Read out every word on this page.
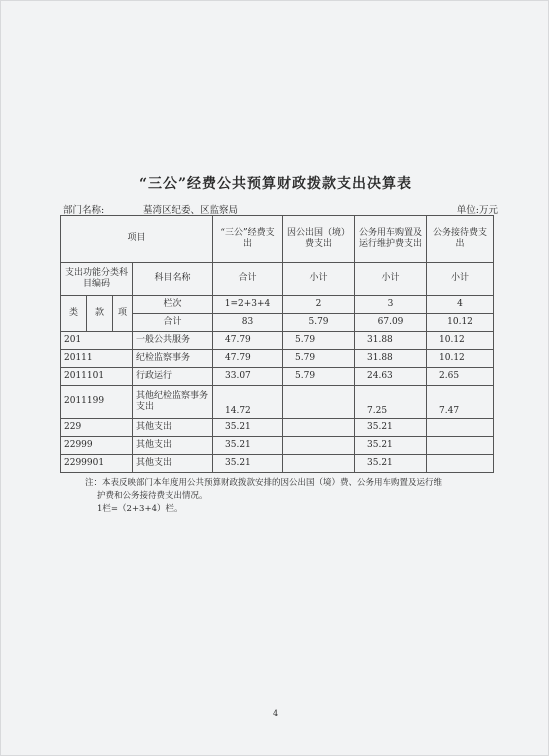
“三公”经费公共预算财政拨款支出决算表
部门名称:	墓湾区纪委、区监察局	单位:万元
项目				“三公”经费支出	因公出国（境）费支出	公务用车购置及运行维护费支出	公务接待费支出
支出功能分类科目编码			科目名称	合计	小计	小计	小计
类	款	项	栏次	1=2+3+4	2	3	4
			合计	83	5.79	67.09	10.12
201			一般公共服务	47.79	5.79	31.88	10.12
20111			纪检监察事务	47.79	5.79	31.88	10.12
2011101			行政运行	33.07	5.79	24.63	2.65
2011199			其他纪检监察事务支出	14.72		7.25	7.47
229			其他支出	35.21		35.21	
22999			其他支出	35.21		35.21	
2299901			其他支出	35.21		35.21	
注：本表反映部门本年度用公共预算财政拨款安排的因公出国（境）费、公务用车购置及运行维
护费和公务接待费支出情况。
1栏=（2+3+4）栏。
4
